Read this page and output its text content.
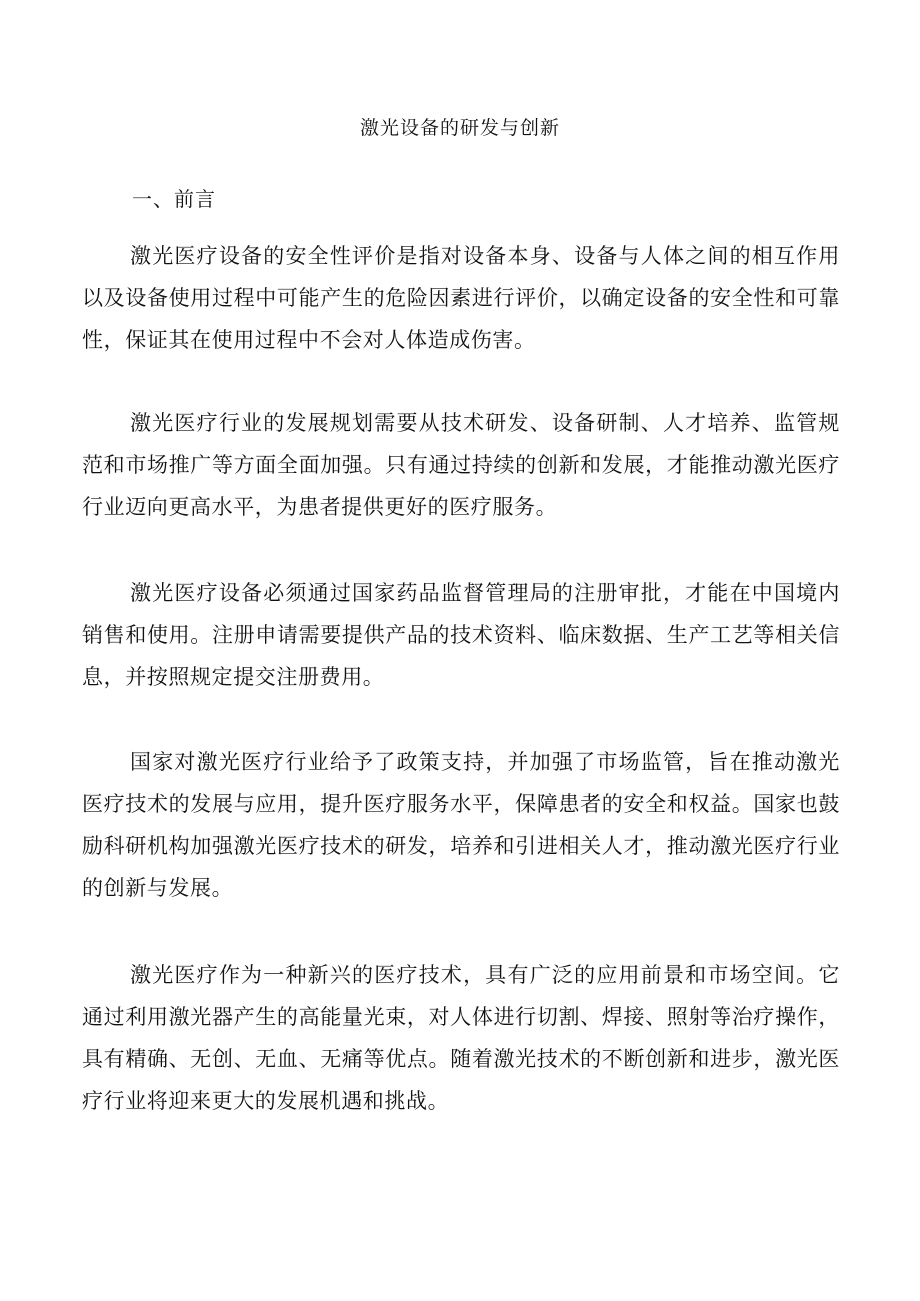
激光设备的研发与创新
一、前言

激光医疗设备的安全性评价是指对设备本身、设备与人体之间的相互作用以及设备使用过程中可能产生的危险因素进行评价，以确定设备的安全性和可靠性，保证其在使用过程中不会对人体造成伤害。

激光医疗行业的发展规划需要从技术研发、设备研制、人才培养、监管规范和市场推广等方面全面加强。只有通过持续的创新和发展，才能推动激光医疗行业迈向更高水平，为患者提供更好的医疗服务。

激光医疗设备必须通过国家药品监督管理局的注册审批，才能在中国境内销售和使用。注册申请需要提供产品的技术资料、临床数据、生产工艺等相关信息，并按照规定提交注册费用。

国家对激光医疗行业给予了政策支持，并加强了市场监管，旨在推动激光医疗技术的发展与应用，提升医疗服务水平，保障患者的安全和权益。国家也鼓励科研机构加强激光医疗技术的研发，培养和引进相关人才，推动激光医疗行业的创新与发展。

激光医疗作为一种新兴的医疗技术，具有广泛的应用前景和市场空间。它通过利用激光器产生的高能量光束，对人体进行切割、焊接、照射等治疗操作，具有精确、无创、无血、无痛等优点。随着激光技术的不断创新和进步，激光医疗行业将迎来更大的发展机遇和挑战。
